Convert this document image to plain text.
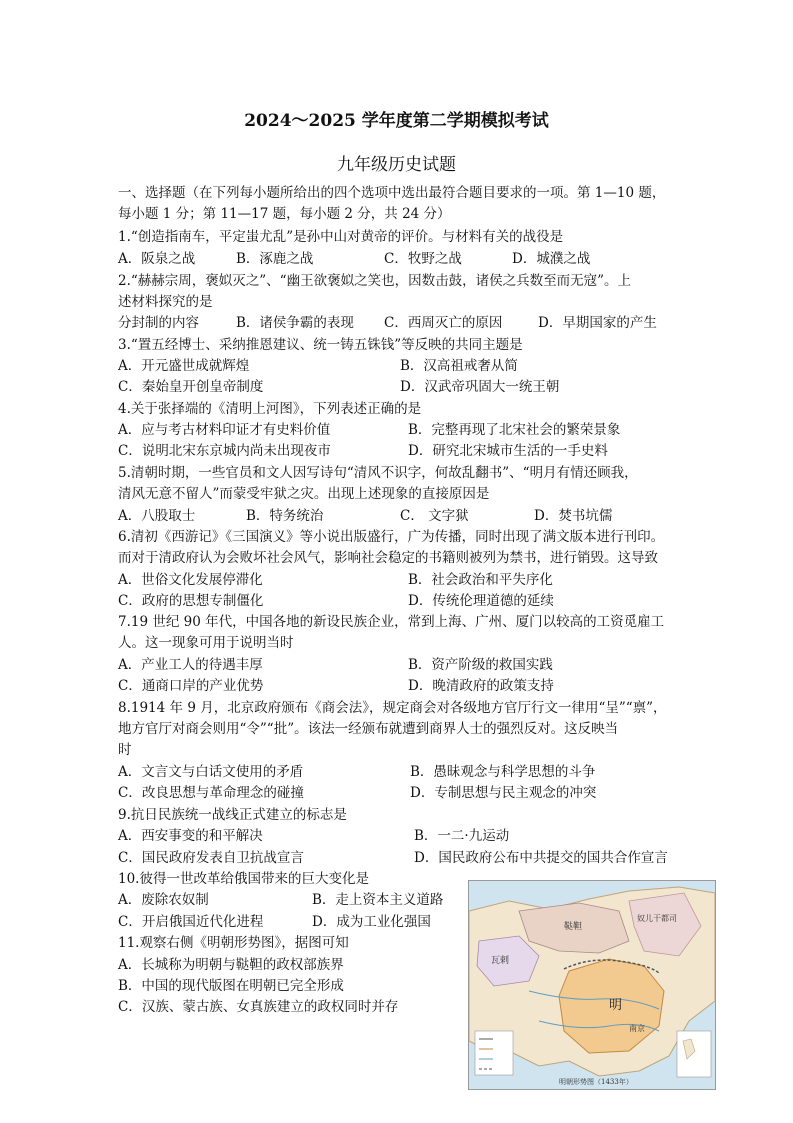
2024～2025 学年度第二学期模拟考试
九年级历史试题
一、选择题（在下列每小题所给出的四个选项中选出最符合题目要求的一项。第 1—10 题，
每小题 1 分；第 11—17 题，每小题 2 分，共 24 分）
1.“创造指南车，平定蚩尤乱”是孙中山对黄帝的评价。与材料有关的战役是
A．阪泉之战	B．涿鹿之战	C．牧野之战	D．城濮之战
2.“赫赫宗周，褒姒灭之”、“幽王欲褒姒之笑也，因数击鼓，诸侯之兵数至而无寇”。上
述材料探究的是
分封制的内容	B．诸侯争霸的表现 C．西周灭亡的原因	D．早期国家的产生
3.“置五经博士、采纳推恩建议、统一铸五铢钱”等反映的共同主题是
A．开元盛世成就辉煌	B．汉高祖戒奢从简
C．秦始皇开创皇帝制度	D．汉武帝巩固大一统王朝
4.关于张择端的《清明上河图》，下列表述正确的是
A．应与考古材料印证才有史料价值	B．完整再现了北宋社会的繁荣景象
C．说明北宋东京城内尚未出现夜市	D．研究北宋城市生活的一手史料
5.清朝时期，一些官员和文人因写诗句“清风不识字，何故乱翻书”、“明月有情还顾我，
清风无意不留人”而蒙受牢狱之灾。出现上述现象的直接原因是
A．八股取士	B．特务统治	C． 文字狱	D．焚书坑儒
6.清初《西游记》《三国演义》等小说出版盛行，广为传播，同时出现了满文版本进行刊印。
而对于清政府认为会败坏社会风气，影响社会稳定的书籍则被列为禁书，进行销毁。这导致
A．世俗文化发展停滞化	B．社会政治和平失序化
C．政府的思想专制僵化	D．传统伦理道德的延续
7.19 世纪 90 年代，中国各地的新设民族企业，常到上海、广州、厦门以较高的工资觅雇工
人。这一现象可用于说明当时
A．产业工人的待遇丰厚	B．资产阶级的救国实践
C．通商口岸的产业优势	D．晚清政府的政策支持
8.1914 年 9 月，北京政府颁布《商会法》，规定商会对各级地方官厅行文一律用“呈”“禀”，
地方官厅对商会则用“令”“批”。该法一经颁布就遭到商界人士的强烈反对。这反映当
时
A．文言文与白话文使用的矛盾	B．愚昧观念与科学思想的斗争
C．改良思想与革命理念的碰撞	D．专制思想与民主观念的冲突
9.抗日民族统一战线正式建立的标志是
A．西安事变的和平解决	B．一二·九运动
C．国民政府发表自卫抗战宣言	D．国民政府公布中共提交的国共合作宣言
10.彼得一世改革给俄国带来的巨大变化是
A．废除农奴制	B．走上资本主义道路
C．开启俄国近代化进程	D．成为工业化强国
11.观察右侧《明朝形势图》，据图可知
A．长城称为明朝与鞑靼的政权部族界
B．中国的现代版图在明朝已完全形成
C．汉族、蒙古族、女真族建立的政权同时并存
鞑靼
瓦剌
奴儿干都司
明
南京
明朝形势图（1433年）
